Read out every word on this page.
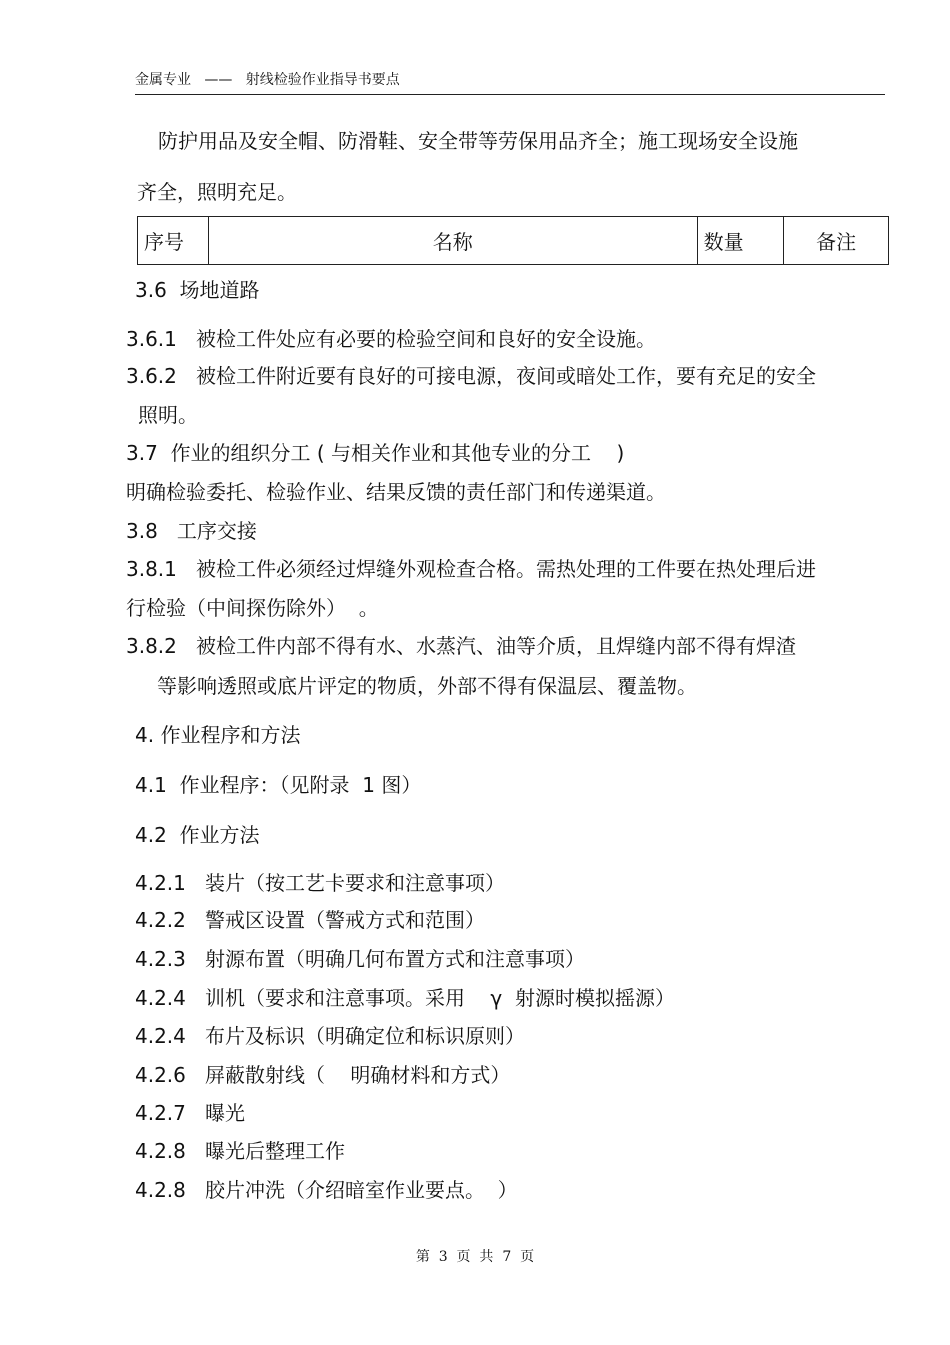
金属专业   ——   射线检验作业指导书要点
防护用品及安全帽、防滑鞋、安全带等劳保用品齐全；施工现场安全设施
齐全，照明充足。
序号	名称	数量	备注
3.6  场地道路
3.6.1   被检工件处应有必要的检验空间和良好的安全设施。
3.6.2   被检工件附近要有良好的可接电源，夜间或暗处工作，要有充足的安全
照明。
3.7  作业的组织分工 ( 与相关作业和其他专业的分工    )
明确检验委托、检验作业、结果反馈的责任部门和传递渠道。
3.8   工序交接
3.8.1   被检工件必须经过焊缝外观检查合格。需热处理的工件要在热处理后进
行检验（中间探伤除外）  。
3.8.2   被检工件内部不得有水、水蒸汽、油等介质，且焊缝内部不得有焊渣
等影响透照或底片评定的物质，外部不得有保温层、覆盖物。
4. 作业程序和方法
4.1  作业程序：（见附录  1 图）
4.2  作业方法
4.2.1   装片（按工艺卡要求和注意事项）
4.2.2   警戒区设置（警戒方式和范围）
4.2.3   射源布置（明确几何布置方式和注意事项）
4.2.4   训机（要求和注意事项。采用    γ  射源时模拟摇源）
4.2.4   布片及标识（明确定位和标识原则）
4.2.6   屏蔽散射线（    明确材料和方式）
4.2.7   曝光
4.2.8   曝光后整理工作
4.2.8   胶片冲洗（介绍暗室作业要点。  ）
第  3  页  共  7  页
